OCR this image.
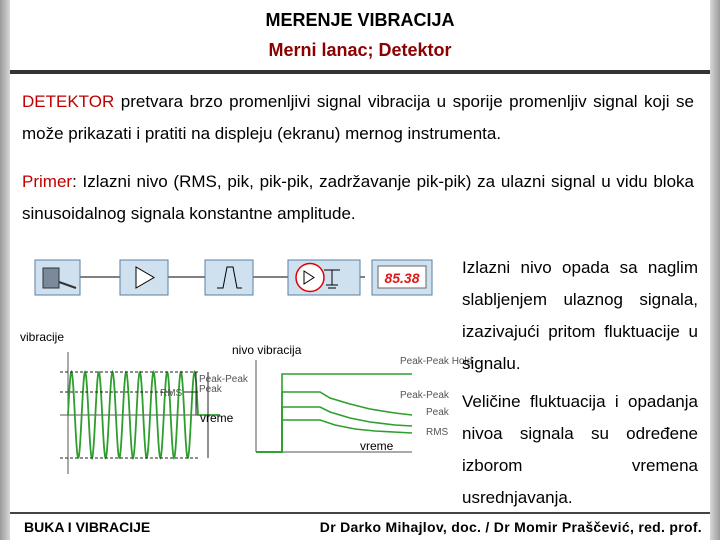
MERENJE VIBRACIJA
Merni lanac; Detektor
DETEKTOR pretvara brzo promenljivi signal vibracija u sporije promenljiv signal koji se može prikazati i pratiti na displeju (ekranu) mernog instrumenta.
Primer: Izlazni nivo (RMS, pik, pik-pik, zadržavanje pik-pik) za ulazni signal u vidu bloka sinusoidalnog signala konstantne amplitude.
85.38
vibracije
RMS Peak
Peak-Peak
vreme
nivo vibracija
Peak-Peak Hold
Peak-Peak
Peak
RMS
vreme
Izlazni nivo opada sa naglim slabljenjem ulaznog signala, izazivajući pritom fluktuacije u signalu.
Veličine fluktuacija i opadanja nivoa signala su određene izborom vremena usrednjavanja.
BUKA I VIBRACIJE	Dr Darko Mihajlov, doc. / Dr Momir Praščević, red. prof.
